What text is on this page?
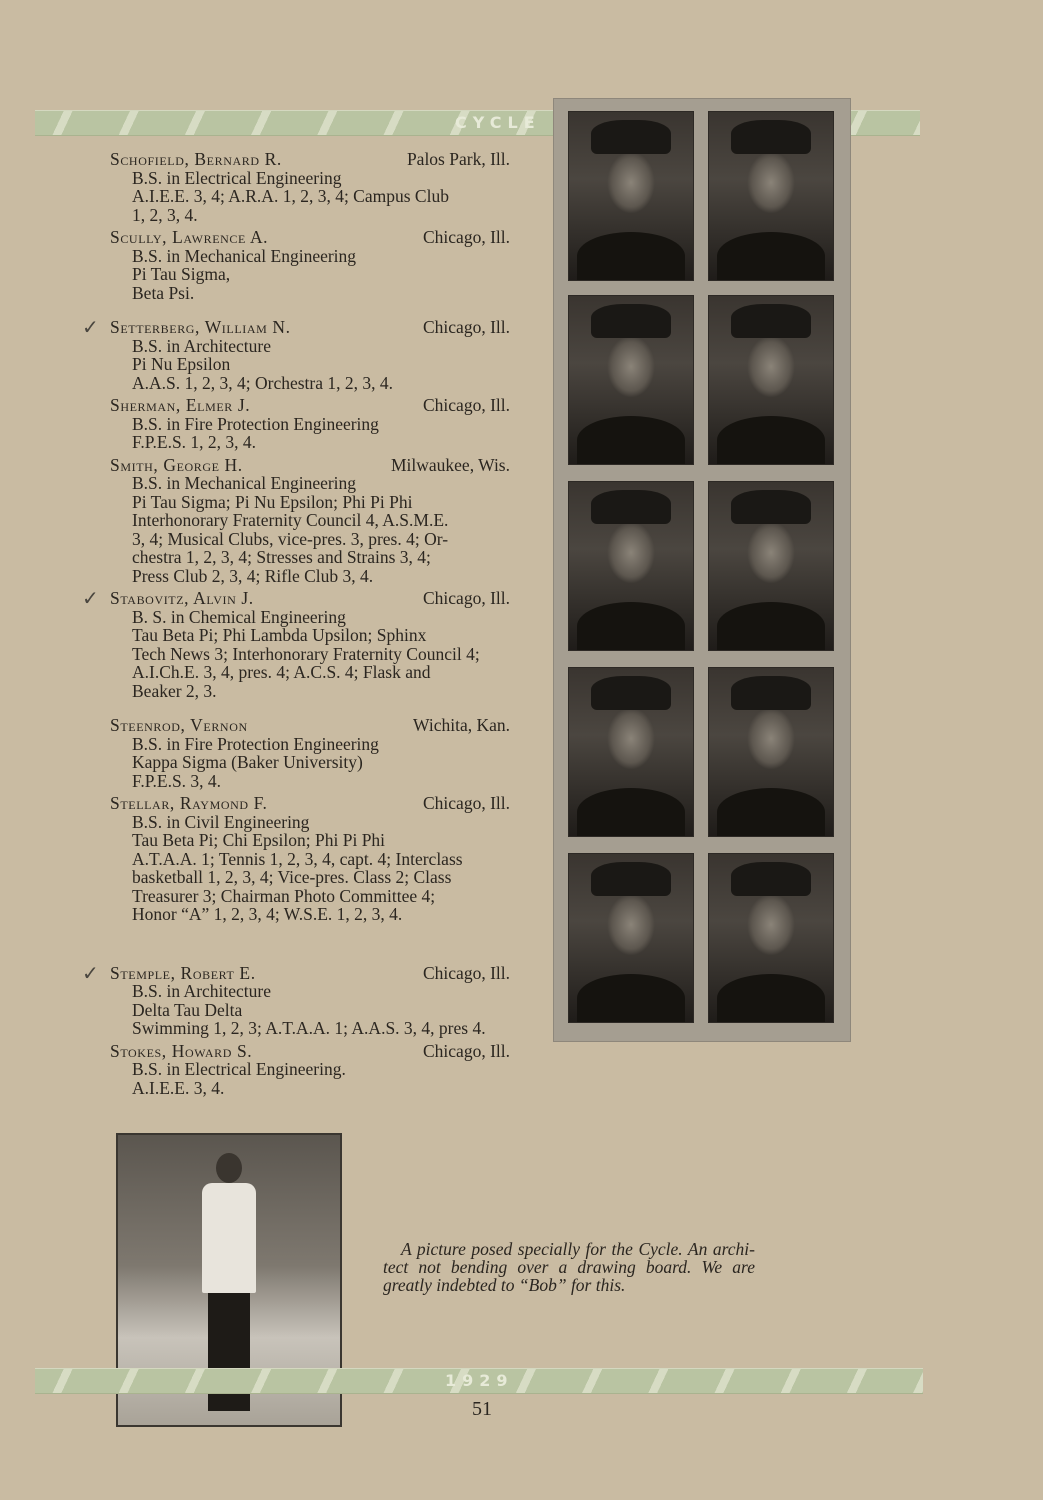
CYCLE
Schofield, Bernard R.	Palos Park, Ill.
B.S. in Electrical Engineering
A.I.E.E. 3, 4; A.R.A. 1, 2, 3, 4; Campus Club
1, 2, 3, 4.
Scully, Lawrence A.	Chicago, Ill.
B.S. in Mechanical Engineering
Pi Tau Sigma,
Beta Psi.
✓ Setterberg, William N.	Chicago, Ill.
B.S. in Architecture
Pi Nu Epsilon
A.A.S. 1, 2, 3, 4; Orchestra 1, 2, 3, 4.
Sherman, Elmer J.	Chicago, Ill.
B.S. in Fire Protection Engineering
F.P.E.S. 1, 2, 3, 4.
Smith, George H.	Milwaukee, Wis.
B.S. in Mechanical Engineering
Pi Tau Sigma; Pi Nu Epsilon; Phi Pi Phi
Interhonorary Fraternity Council 4, A.S.M.E.
3, 4; Musical Clubs, vice-pres. 3, pres. 4; Or-
chestra 1, 2, 3, 4; Stresses and Strains 3, 4;
Press Club 2, 3, 4; Rifle Club 3, 4.
✓ Stabovitz, Alvin J.	Chicago, Ill.
B. S. in Chemical Engineering
Tau Beta Pi; Phi Lambda Upsilon; Sphinx
Tech News 3; Interhonorary Fraternity Council 4;
A.I.Ch.E. 3, 4, pres. 4; A.C.S. 4; Flask and
Beaker 2, 3.
Steenrod, Vernon	Wichita, Kan.
B.S. in Fire Protection Engineering
Kappa Sigma (Baker University)
F.P.E.S. 3, 4.
Stellar, Raymond F.	Chicago, Ill.
B.S. in Civil Engineering
Tau Beta Pi; Chi Epsilon; Phi Pi Phi
A.T.A.A. 1; Tennis 1, 2, 3, 4, capt. 4; Interclass
basketball 1, 2, 3, 4; Vice-pres. Class 2; Class
Treasurer 3; Chairman Photo Committee 4;
Honor “A” 1, 2, 3, 4; W.S.E. 1, 2, 3, 4.
✓ Stemple, Robert E.	Chicago, Ill.
B.S. in Architecture
Delta Tau Delta
Swimming 1, 2, 3; A.T.A.A. 1; A.A.S. 3, 4, pres 4.
Stokes, Howard S.	Chicago, Ill.
B.S. in Electrical Engineering.
A.I.E.E. 3, 4.
A picture posed specially for the Cycle. An archi- tect not bending over a drawing board. We are greatly indebted to “Bob” for this.
1929
51
